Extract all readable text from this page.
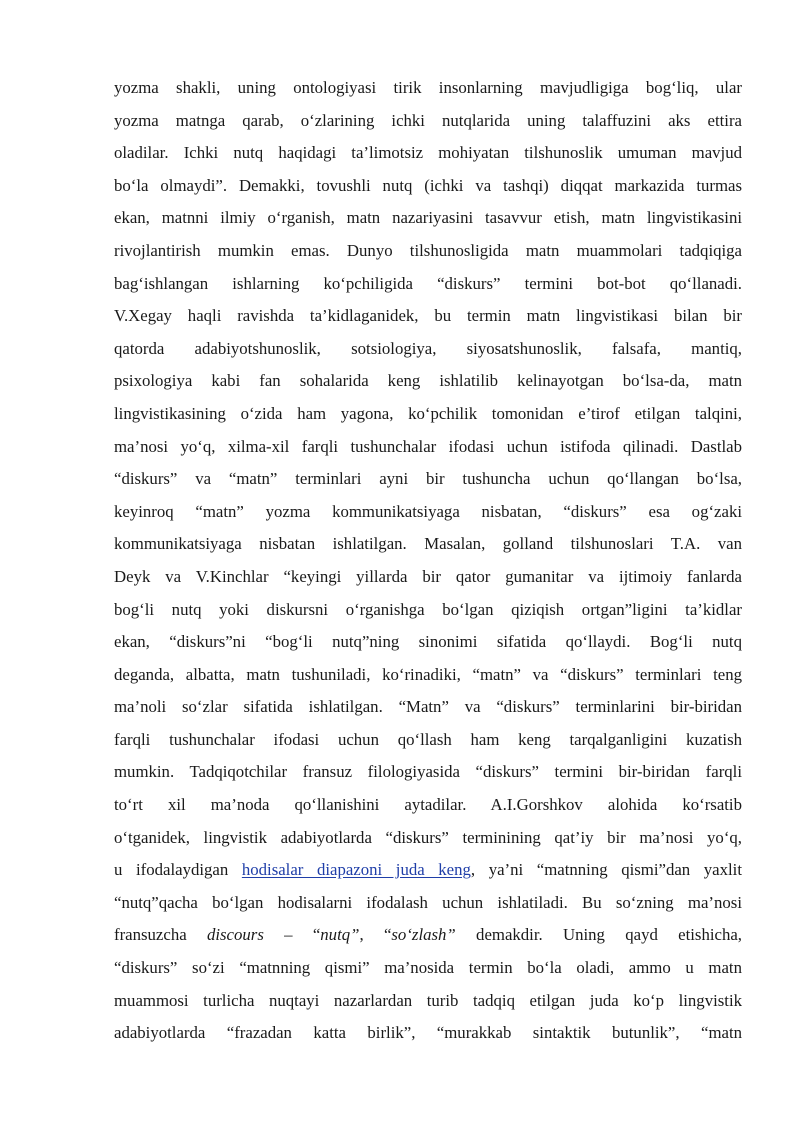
yozma shakli, uning ontologiyasi tirik insonlarning mavjudligiga bog‘liq, ular
yozma matnga qarab, o‘zlarining ichki nutqlarida uning talaffuzini aks ettira
oladilar. Ichki nutq haqidagi ta’limotsiz mohiyatan tilshunoslik umuman mavjud
bo‘la olmaydi”. Demakki, tovushli nutq (ichki va tashqi) diqqat markazida turmas
ekan, matnni ilmiy o‘rganish, matn nazariyasini tasavvur etish, matn lingvistikasini
rivojlantirish mumkin emas. Dunyo tilshunosligida matn muammolari tadqiqiga
bag‘ishlangan ishlarning ko‘pchiligida “diskurs” termini bot-bot qo‘llanadi.
V.Xegay haqli ravishda ta’kidlaganidek, bu termin matn lingvistikasi bilan bir
qatorda adabiyotshunoslik, sotsiologiya, siyosatshunoslik, falsafa, mantiq,
psixologiya kabi fan sohalarida keng ishlatilib kelinayotgan bo‘lsa-da, matn
lingvistikasining o‘zida ham yagona, ko‘pchilik tomonidan e’tirof etilgan talqini,
ma’nosi yo‘q, xilma-xil farqli tushunchalar ifodasi uchun istifoda qilinadi. Dastlab
“diskurs” va “matn” terminlari ayni bir tushuncha uchun qo‘llangan bo‘lsa,
keyinroq “matn” yozma kommunikatsiyaga nisbatan, “diskurs” esa og‘zaki
kommunikatsiyaga nisbatan ishlatilgan. Masalan, golland tilshunoslari T.A. van
Deyk va V.Kinchlar “keyingi yillarda bir qator gumanitar va ijtimoiy fanlarda
bog‘li nutq yoki diskursni o‘rganishga bo‘lgan qiziqish ortgan”ligini ta’kidlar
ekan, “diskurs”ni “bog‘li nutq”ning sinonimi sifatida qo‘llaydi. Bog‘li nutq
deganda, albatta, matn tushuniladi, ko‘rinadiki, “matn” va “diskurs” terminlari teng
ma’noli so‘zlar sifatida ishlatilgan. “Matn” va “diskurs” terminlarini bir-biridan
farqli tushunchalar ifodasi uchun qo‘llash ham keng tarqalganligini kuzatish
mumkin. Tadqiqotchilar fransuz filologiyasida “diskurs” termini bir-biridan farqli
to‘rt xil ma’noda qo‘llanishini aytadilar. A.I.Gorshkov alohida ko‘rsatib
o‘tganidek, lingvistik adabiyotlarda “diskurs” terminining qat’iy bir ma’nosi yo‘q,
u ifodalaydigan hodisalar diapazoni juda keng, ya’ni “matnning qismi”dan yaxlit
“nutq”qacha bo‘lgan hodisalarni ifodalash uchun ishlatiladi. Bu so‘zning ma’nosi
fransuzcha discours – “nutq”, “so‘zlash” demakdir. Uning qayd etishicha,
“diskurs” so‘zi “matnning qismi” ma’nosida termin bo‘la oladi, ammo u matn
muammosi turlicha nuqtayi nazarlardan turib tadqiq etilgan juda ko‘p lingvistik
adabiyotlarda “frazadan katta birlik”, “murakkab sintaktik butunlik”, “matn
